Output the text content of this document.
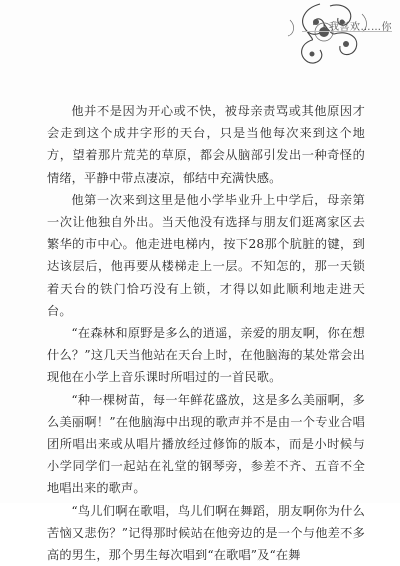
我喜欢……你

他并不是因为开心或不快，被母亲责骂或其他原因才会走到这个成井字形的天台，只是当他每次来到这个地方，望着那片荒芜的草原，都会从脑部引发出一种奇怪的情绪，平静中带点凄凉，郁结中充满快感。

他第一次来到这里是他小学毕业升上中学后，母亲第一次让他独自外出。当天他没有选择与朋友们逛离家区去繁华的市中心。他走进电梯内，按下28那个肮脏的键，到达该层后，他再要从楼梯走上一层。不知怎的，那一天锁着天台的铁门恰巧没有上锁，才得以如此顺利地走进天台。

“在森林和原野是多么的逍遥，亲爱的朋友啊，你在想什么？”这几天当他站在天台上时，在他脑海的某处常会出现他在小学上音乐课时所唱过的一首民歌。

“种一棵树苗，每一年鲜花盛放，这是多么美丽啊，多么美丽啊！”在他脑海中出现的歌声并不是由一个专业合唱团所唱出来或从唱片播放经过修饰的版本，而是小时候与小学同学们一起站在礼堂的钢琴旁，参差不齐、五音不全地唱出来的歌声。

“鸟儿们啊在歌唱，鸟儿们啊在舞蹈，朋友啊你为什么苦恼又悲伤？”记得那时候站在他旁边的是一个与他差不多高的男生，那个男生每次唱到“在歌唱”及“在舞
